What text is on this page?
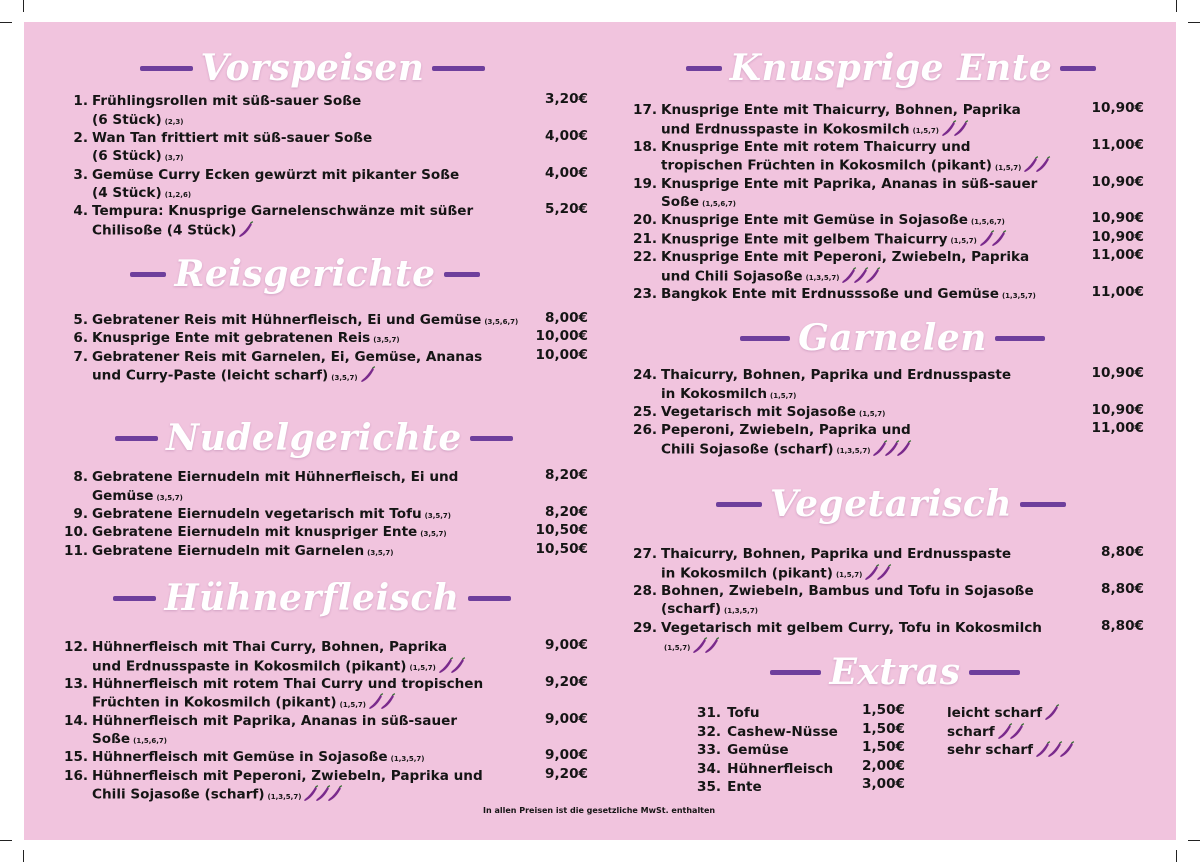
Vorspeisen
1. Frühlingsrollen mit süß-sauer Soße
(6 Stück) (2,3)
3,20€
2. Wan Tan frittiert mit süß-sauer Soße
(6 Stück) (3,7)
4,00€
3. Gemüse Curry Ecken gewürzt mit pikanter Soße
(4 Stück) (1,2,6)
4,00€
4. Tempura: Knusprige Garnelenschwänze mit süßer
Chilisoße (4 Stück)
5,20€
Reisgerichte
5. Gebratener Reis mit Hühnerfleisch, Ei und Gemüse (3,5,6,7)	8,00€
6. Knusprige Ente mit gebratenen Reis (3,5,7)	10,00€
7. Gebratener Reis mit Garnelen, Ei, Gemüse, Ananas
und Curry-Paste (leicht scharf) (3,5,7)
10,00€
Nudelgerichte
8. Gebratene Eiernudeln mit Hühnerfleisch, Ei und
Gemüse (3,5,7)
8,20€
9. Gebratene Eiernudeln vegetarisch mit Tofu (3,5,7)	8,20€
10. Gebratene Eiernudeln mit knuspriger Ente (3,5,7)	10,50€
11. Gebratene Eiernudeln mit Garnelen (3,5,7)	10,50€
Hühnerfleisch
12. Hühnerfleisch mit Thai Curry, Bohnen, Paprika
und Erdnusspaste in Kokosmilch (pikant) (1,5,7)
9,00€
13. Hühnerfleisch mit rotem Thai Curry und tropischen
Früchten in Kokosmilch (pikant) (1,5,7)
9,20€
14. Hühnerfleisch mit Paprika, Ananas in süß-sauer
Soße (1,5,6,7)
9,00€
15. Hühnerfleisch mit Gemüse in Sojasoße (1,3,5,7)	9,00€
16. Hühnerfleisch mit Peperoni, Zwiebeln, Paprika und
Chili Sojasoße (scharf) (1,3,5,7)
9,20€
Knusprige Ente
17. Knusprige Ente mit Thaicurry, Bohnen, Paprika
und Erdnusspaste in Kokosmilch (1,5,7)
10,90€
18. Knusprige Ente mit rotem Thaicurry und
tropischen Früchten in Kokosmilch (pikant) (1,5,7)
11,00€
19. Knusprige Ente mit Paprika, Ananas in süß-sauer
Soße (1,5,6,7)
10,90€
20. Knusprige Ente mit Gemüse in Sojasoße (1,5,6,7)	10,90€
21. Knusprige Ente mit gelbem Thaicurry (1,5,7)	10,90€
22. Knusprige Ente mit Peperoni, Zwiebeln, Paprika
und Chili Sojasoße (1,3,5,7)
11,00€
23. Bangkok Ente mit Erdnusssoße und Gemüse (1,3,5,7)	11,00€
Garnelen
24. Thaicurry, Bohnen, Paprika und Erdnusspaste
in Kokosmilch (1,5,7)
10,90€
25. Vegetarisch mit Sojasoße (1,5,7)	10,90€
26. Peperoni, Zwiebeln, Paprika und
Chili Sojasoße (scharf) (1,3,5,7)
11,00€
Vegetarisch
27. Thaicurry, Bohnen, Paprika und Erdnusspaste
in Kokosmilch (pikant) (1,5,7)
8,80€
28. Bohnen, Zwiebeln, Bambus und Tofu in Sojasoße
(scharf) (1,3,5,7)
8,80€
29. Vegetarisch mit gelbem Curry, Tofu in Kokosmilch
(1,5,7)
8,80€
Extras
31. Tofu	1,50€
32. Cashew-Nüsse 1,50€
33. Gemüse	1,50€
34. Hühnerfleisch 2,00€
35. Ente	3,00€
leicht scharf
scharf
sehr scharf
In allen Preisen ist die gesetzliche MwSt. enthalten
